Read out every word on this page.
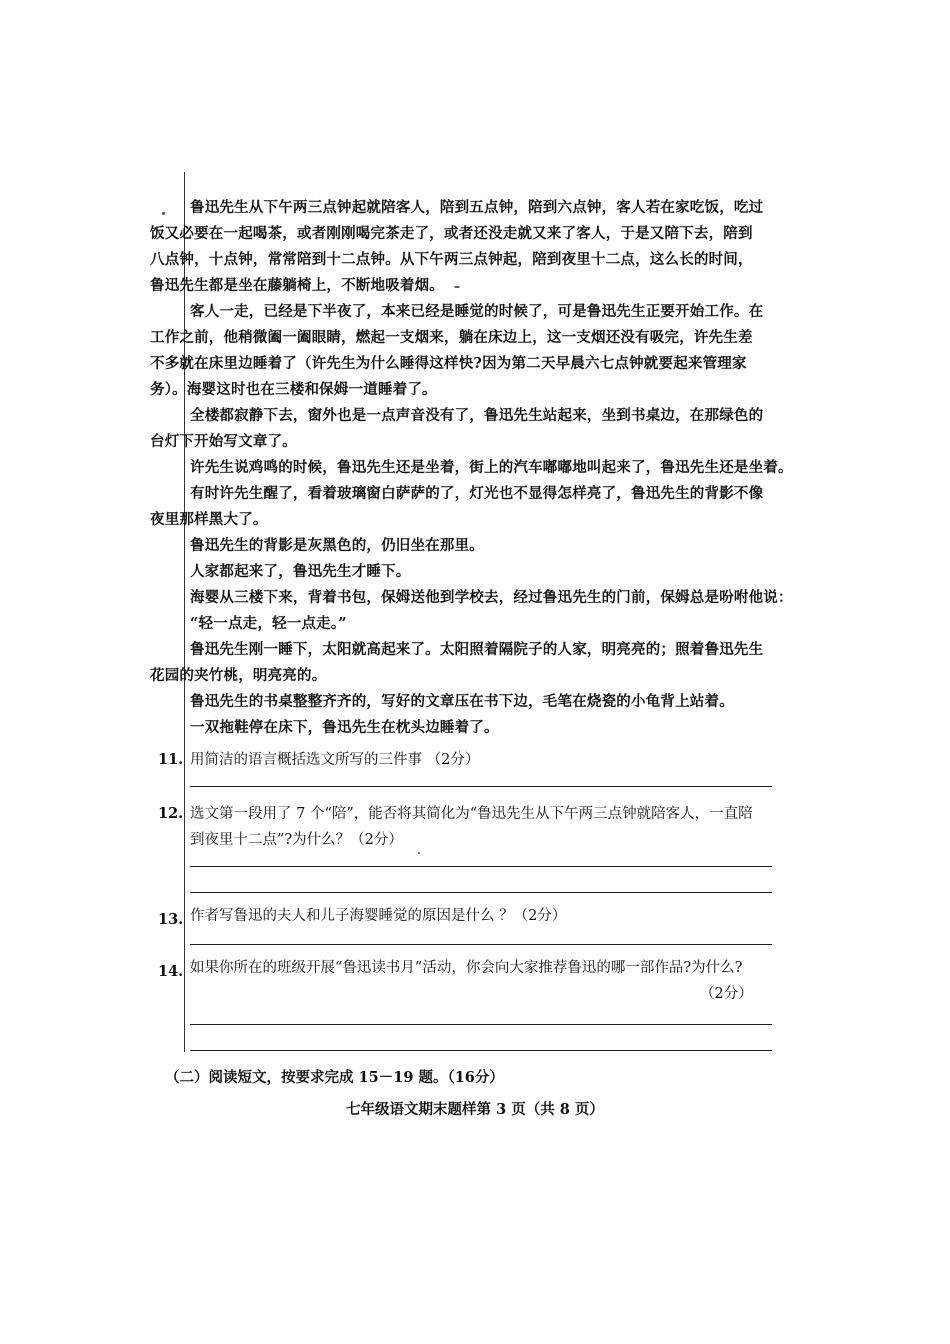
鲁迅先生从下午两三点钟起就陪客人，陪到五点钟，陪到六点钟，客人若在家吃饭，吃过
饭又必要在一起喝茶，或者刚刚喝完茶走了，或者还没走就又来了客人，于是又陪下去，陪到
八点钟，十点钟，常常陪到十二点钟。从下午两三点钟起，陪到夜里十二点，这么长的时间，
鲁迅先生都是坐在藤躺椅上，不断地吸着烟。
客人一走，已经是下半夜了，本来已经是睡觉的时候了，可是鲁迅先生正要开始工作。在
工作之前，他稍微阖一阖眼睛，燃起一支烟来，躺在床边上，这一支烟还没有吸完，许先生差
不多就在床里边睡着了（许先生为什么睡得这样快?因为第二天早晨六七点钟就要起来管理家
务）。海婴这时也在三楼和保姆一道睡着了。
全楼都寂静下去，窗外也是一点声音没有了，鲁迅先生站起来，坐到书桌边，在那绿色的
台灯下开始写文章了。
许先生说鸡鸣的时候，鲁迅先生还是坐着，街上的汽车嘟嘟地叫起来了，鲁迅先生还是坐着。
有时许先生醒了，看着玻璃窗白萨萨的了，灯光也不显得怎样亮了，鲁迅先生的背影不像
夜里那样黑大了。
鲁迅先生的背影是灰黑色的，仍旧坐在那里。
人家都起来了，鲁迅先生才睡下。
海婴从三楼下来，背着书包，保姆送他到学校去，经过鲁迅先生的门前，保姆总是吩咐他说：
“轻一点走，轻一点走。”
鲁迅先生刚一睡下，太阳就高起来了。太阳照着隔院子的人家，明亮亮的；照着鲁迅先生
花园的夹竹桃，明亮亮的。
鲁迅先生的书桌整整齐齐的，写好的文章压在书下边，毛笔在烧瓷的小龟背上站着。
一双拖鞋停在床下，鲁迅先生在枕头边睡着了。
11. 用简洁的语言概括选文所写的三件事 （2分）
12. 选文第一段用了 7 个“陪”，能否将其简化为“鲁迅先生从下午两三点钟就陪客人，一直陪
到夜里十二点”?为什么？（2分）
13. 作者写鲁迅的夫人和儿子海婴睡觉的原因是什么 ？（2分）
14. 如果你所在的班级开展“鲁迅读书月”活动，你会向大家推荐鲁迅的哪一部作品?为什么?
（2分）
（二）阅读短文，按要求完成 15－19 题。（16分）
七年级语文期末题样第 3 页（共 8 页）
